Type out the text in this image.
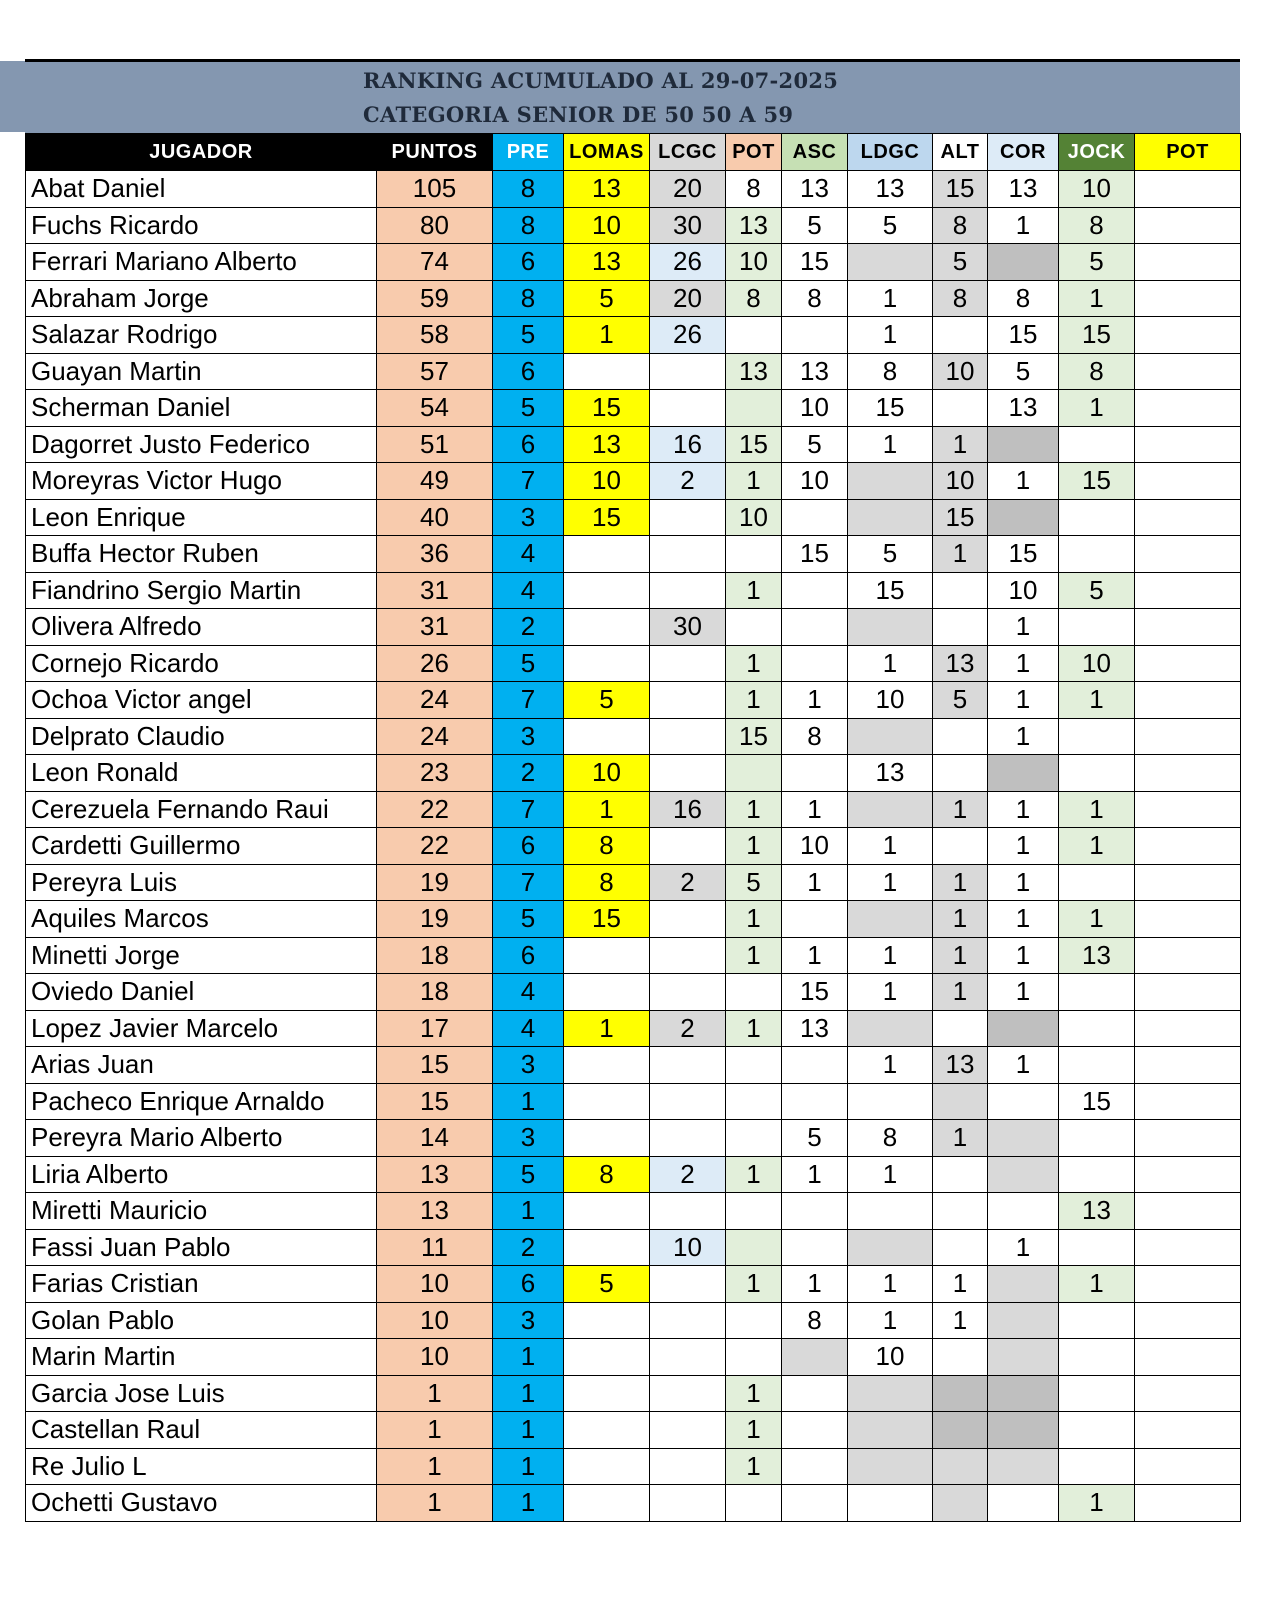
RANKING ACUMULADO AL 29-07-2025
CATEGORIA SENIOR DE 50 50 A 59
JUGADOR	PUNTOS	PRE	LOMAS	LCGC	POT	ASC	LDGC	ALT	COR	JOCK	POT
Abat Daniel	105	8	13	20	8	13	13	15	13	10	
Fuchs Ricardo	80	8	10	30	13	5	5	8	1	8	
Ferrari Mariano Alberto	74	6	13	26	10	15		5		5	
Abraham Jorge	59	8	5	20	8	8	1	8	8	1	
Salazar Rodrigo	58	5	1	26			1		15	15	
Guayan Martin	57	6			13	13	8	10	5	8	
Scherman Daniel	54	5	15			10	15		13	1	
Dagorret Justo Federico	51	6	13	16	15	5	1	1			
Moreyras Victor Hugo	49	7	10	2	1	10		10	1	15	
Leon Enrique	40	3	15		10			15			
Buffa Hector Ruben	36	4				15	5	1	15		
Fiandrino Sergio Martin	31	4			1		15		10	5	
Olivera Alfredo	31	2		30					1		
Cornejo Ricardo	26	5			1		1	13	1	10	
Ochoa Victor angel	24	7	5		1	1	10	5	1	1	
Delprato Claudio	24	3			15	8			1		
Leon Ronald	23	2	10				13				
Cerezuela Fernando Raui	22	7	1	16	1	1		1	1	1	
Cardetti Guillermo	22	6	8		1	10	1		1	1	
Pereyra Luis	19	7	8	2	5	1	1	1	1		
Aquiles Marcos	19	5	15		1			1	1	1	
Minetti Jorge	18	6			1	1	1	1	1	13	
Oviedo Daniel	18	4				15	1	1	1		
Lopez Javier Marcelo	17	4	1	2	1	13					
Arias Juan	15	3					1	13	1		
Pacheco Enrique Arnaldo	15	1								15	
Pereyra Mario Alberto	14	3				5	8	1			
Liria Alberto	13	5	8	2	1	1	1				
Miretti Mauricio	13	1								13	
Fassi Juan Pablo	11	2		10					1		
Farias Cristian	10	6	5		1	1	1	1		1	
Golan Pablo	10	3				8	1	1			
Marin Martin	10	1					10				
Garcia Jose Luis	1	1			1						
Castellan Raul	1	1			1						
Re Julio L	1	1			1						
Ochetti Gustavo	1	1								1	
